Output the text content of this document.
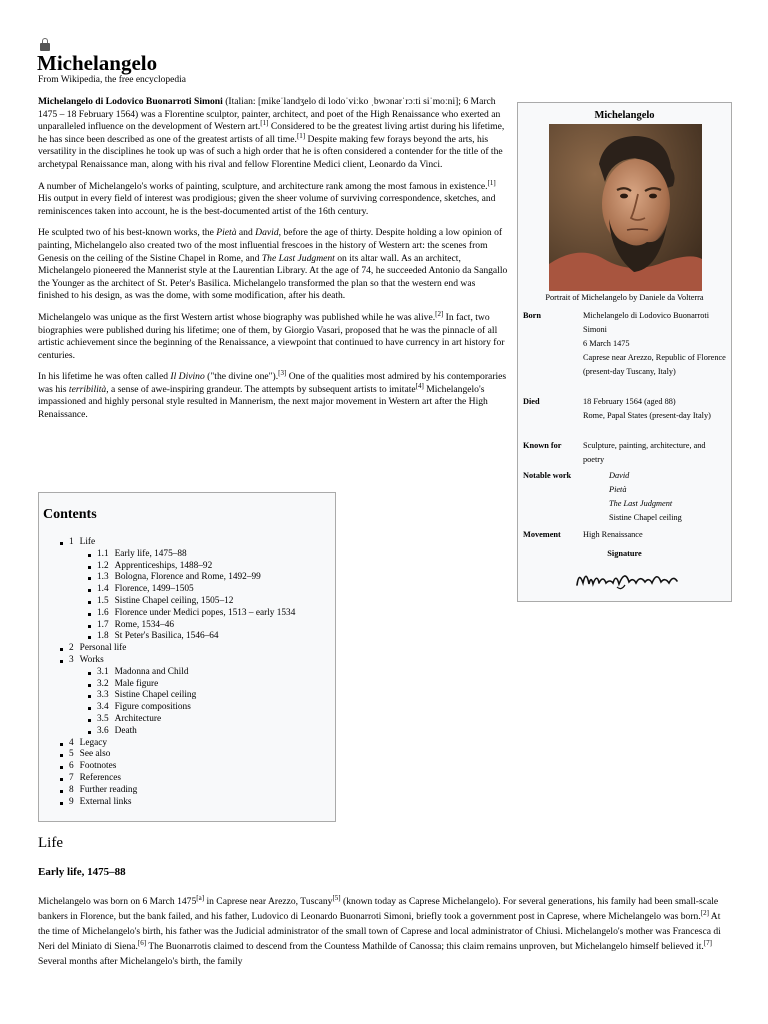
Michelangelo
From Wikipedia, the free encyclopedia

Michelangelo di Lodovico Buonarroti Simoni (Italian: [mikeˈlandʒelo di lodoˈviːko ˌbwɔnarˈrɔːti siˈmoːni]; 6 March 1475 – 18 February 1564) was a Florentine sculptor, painter, architect, and poet of the High Renaissance who exerted an unparalleled influence on the development of Western art.[1] Considered to be the greatest living artist during his lifetime, he has since been described as one of the greatest artists of all time.[1] Despite making few forays beyond the arts, his versatility in the disciplines he took up was of such a high order that he is often considered a contender for the title of the archetypal Renaissance man, along with his rival and fellow Florentine Medici client, Leonardo da Vinci.

A number of Michelangelo's works of painting, sculpture, and architecture rank among the most famous in existence.[1] His output in every field of interest was prodigious; given the sheer volume of surviving correspondence, sketches, and reminiscences taken into account, he is the best-documented artist of the 16th century.

He sculpted two of his best-known works, the Pietà and David, before the age of thirty. Despite holding a low opinion of painting, Michelangelo also created two of the most influential frescoes in the history of Western art: the scenes from Genesis on the ceiling of the Sistine Chapel in Rome, and The Last Judgment on its altar wall. As an architect, Michelangelo pioneered the Mannerist style at the Laurentian Library. At the age of 74, he succeeded Antonio da Sangallo the Younger as the architect of St. Peter's Basilica. Michelangelo transformed the plan so that the western end was finished to his design, as was the dome, with some modification, after his death.

Michelangelo was unique as the first Western artist whose biography was published while he was alive.[2] In fact, two biographies were published during his lifetime; one of them, by Giorgio Vasari, proposed that he was the pinnacle of all artistic achievement since the beginning of the Renaissance, a viewpoint that continued to have currency in art history for centuries.

In his lifetime he was often called Il Divino ("the divine one").[3] One of the qualities most admired by his contemporaries was his terribilità, a sense of awe-inspiring grandeur. The attempts by subsequent artists to imitate[4] Michelangelo's impassioned and highly personal style resulted in Mannerism, the next major movement in Western art after the High Renaissance.

Contents
1 Life
1.1 Early life, 1475–88
1.2 Apprenticeships, 1488–92
1.3 Bologna, Florence and Rome, 1492–99
1.4 Florence, 1499–1505
1.5 Sistine Chapel ceiling, 1505–12
1.6 Florence under Medici popes, 1513 – early 1534
1.7 Rome, 1534–46
1.8 St Peter's Basilica, 1546–64
2 Personal life
3 Works
3.1 Madonna and Child
3.2 Male figure
3.3 Sistine Chapel ceiling
3.4 Figure compositions
3.5 Architecture
3.6 Death
4 Legacy
5 See also
6 Footnotes
7 References
8 Further reading
9 External links
Michelangelo
Portrait of Michelangelo by Daniele da Volterra
Born	Michelangelo di Lodovico Buonarroti Simoni
6 March 1475
Caprese near Arezzo, Republic of Florence (present-day Tuscany, Italy)
Died	18 February 1564 (aged 88)
Rome, Papal States (present-day Italy)
Known for	Sculpture, painting, architecture, and poetry
Notable work	David
Pietà
The Last Judgment
Sistine Chapel ceiling
Movement	High Renaissance
Signature
Life
Early life, 1475–88

Michelangelo was born on 6 March 1475[a] in Caprese near Arezzo, Tuscany[5] (known today as Caprese Michelangelo). For several generations, his family had been small-scale bankers in Florence, but the bank failed, and his father, Ludovico di Leonardo Buonarroti Simoni, briefly took a government post in Caprese, where Michelangelo was born.[2] At the time of Michelangelo's birth, his father was the Judicial administrator of the small town of Caprese and local administrator of Chiusi. Michelangelo's mother was Francesca di Neri del Miniato di Siena.[6] The Buonarrotis claimed to descend from the Countess Mathilde of Canossa; this claim remains unproven, but Michelangelo himself believed it.[7] Several months after Michelangelo's birth, the family
